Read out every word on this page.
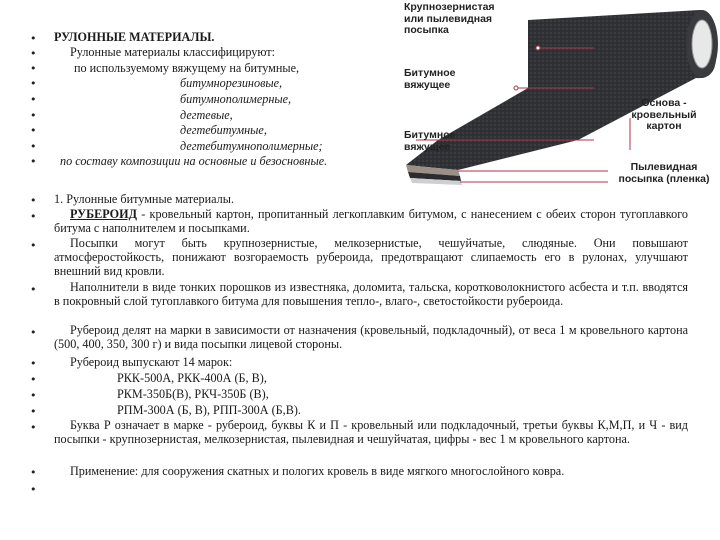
•
•
•
•
•
•
•
•
•
РУЛОННЫЕ МАТЕРИАЛЫ.
Рулонные материалы классифицируют:
по используемому вяжущему на битумные,
битумнорезиновые,
битумнополимерные,
дегтевые,
дегтебитумные,
дегтебитумнополимерные;
по составу композиции на основные и безосновные.
Крупнозернистая
или пылевидная
посыпка
Битумное
вяжущее
Битумное
вяжущее
Основа -
кровельный
картон
Пылевидная
посыпка (пленка)
•
•
•
•
•
•
•
•
•
•
•
•
1. Рулонные битумные материалы.
РУБЕРОИД - кровельный картон, пропитанный легкоплавким битумом, с нанесением с обеих сторон тугоплавкого битума с наполнителем и посыпками.
Посыпки могут быть крупнозернистые, мелкозернистые, чешуйчатые, слюдяные. Они повышают атмосферостойкость, понижают возгораемость рубероида, предотвращают слипаемость его в рулонах, улучшают внешний вид кровли.
Наполнители в виде тонких порошков из известняка, доломита, тальска, коротковолокнистого асбеста и т.п. вводятся в покровный слой тугоплавкого битума для повышения тепло-, влаго-, светостойкости рубероида.
Рубероид делят на марки в зависимости от назначения (кровельный, подкладочный), от веса 1 м кровельного картона (500, 400, 350, 300 г) и вида посыпки лицевой стороны.
Рубероид выпускают 14 марок:
РКК-500А, РКК-400А (Б, В),
РКМ-350Б(В), РКЧ-350Б (В),
РПМ-300А (Б, В), РПП-300А (Б,В).
Буква Р означает в марке - рубероид, буквы К и П - кровельный или подкладочный, третьи буквы К,М,П, и Ч - вид посыпки - крупнозернистая, мелкозернистая, пылевидная и чешуйчатая, цифры - вес 1 м кровельного картона.
Применение: для сооружения скатных и пологих кровель в виде мягкого многослойного ковра.
